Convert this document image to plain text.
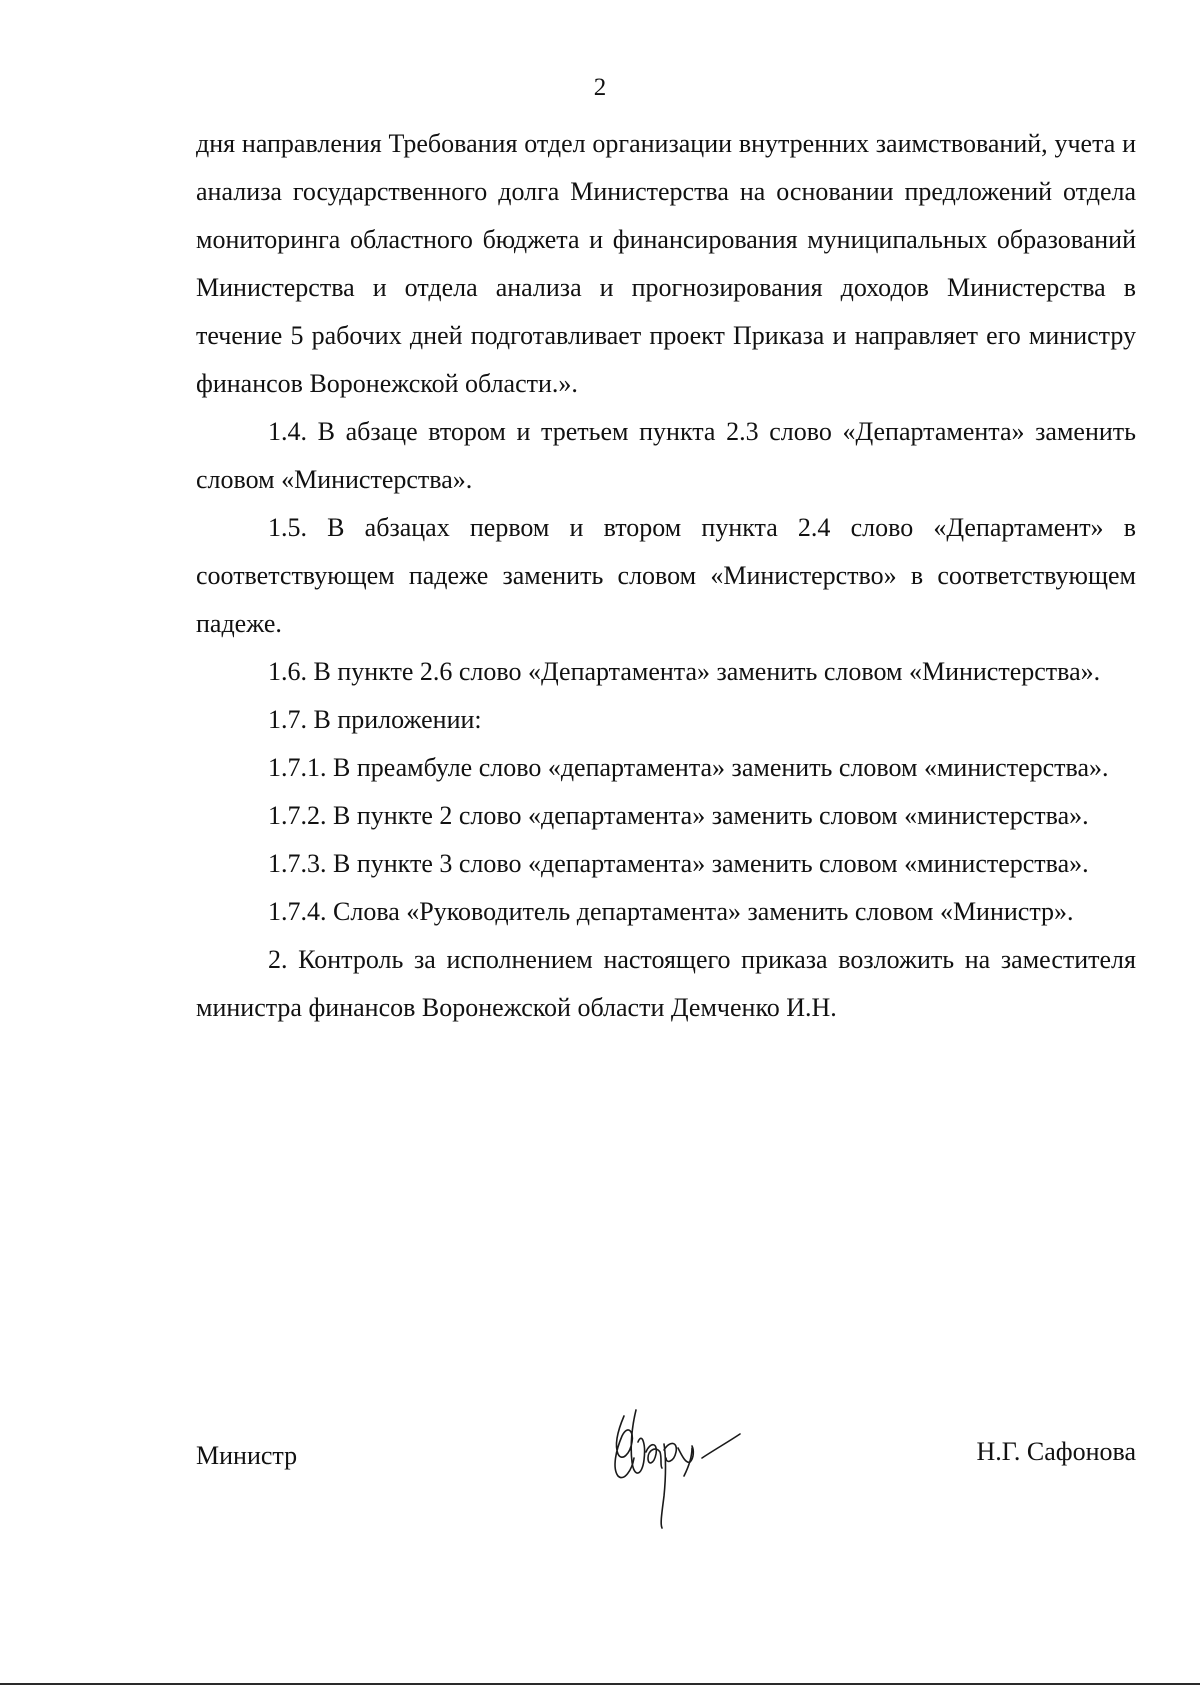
2

дня направления Требования отдел организации внутренних заимствований, учета и анализа государственного долга Министерства на основании предложений отдела мониторинга областного бюджета и финансирования муниципальных образований Министерства и отдела анализа и прогнозирования доходов Министерства в течение 5 рабочих дней подготавливает проект Приказа и направляет его министру финансов Воронежской области.».

1.4. В абзаце втором и третьем пункта 2.3 слово «Департамента» заменить словом «Министерства».

1.5. В абзацах первом и втором пункта 2.4 слово «Департамент» в соответствующем падеже заменить словом «Министерство» в соответствующем падеже.

1.6. В пункте 2.6 слово «Департамента» заменить словом «Министерства».

1.7. В приложении:

1.7.1. В преамбуле слово «департамента» заменить словом «министерства».

1.7.2. В пункте 2 слово «департамента» заменить словом «министерства».

1.7.3. В пункте 3 слово «департамента» заменить словом «министерства».

1.7.4. Слова «Руководитель департамента» заменить словом «Министр».

2. Контроль за исполнением настоящего приказа возложить на заместителя министра финансов Воронежской области Демченко И.Н.

Министр	Н.Г. Сафонова
